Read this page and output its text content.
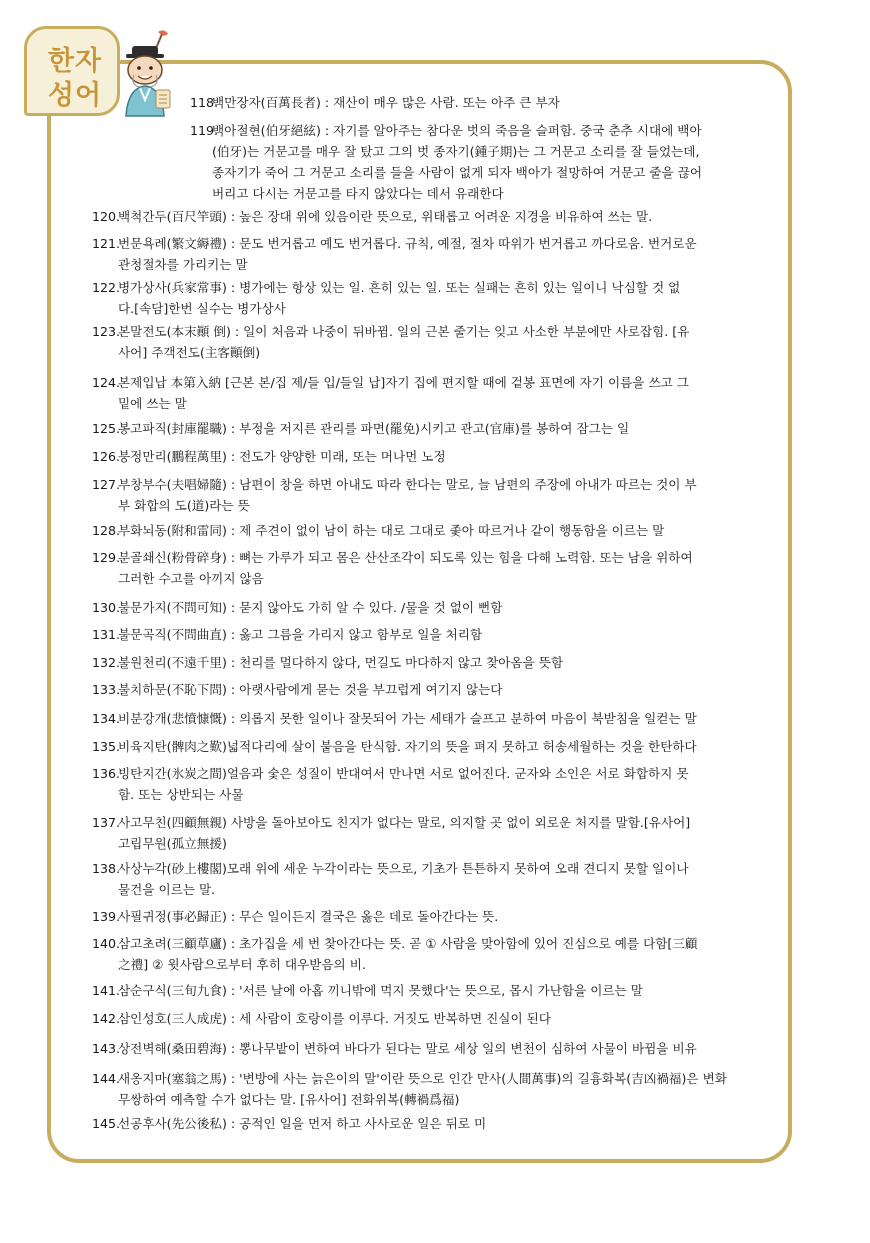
한자
성어	118.
백만장자(百萬長者) : 재산이 매우 많은 사람. 또는 아주 큰 부자
119.
백아절현(伯牙絕絃) : 자기를 알아주는 참다운 벗의 죽음을 슬퍼함. 중국 춘추 시대에 백아
(伯牙)는 거문고를 매우 잘 탔고 그의 벗 종자기(鍾子期)는 그 거문고 소리를 잘 들었는데,
종자기가 죽어 그 거문고 소리를 들을 사람이 없게 되자 백아가 절망하여 거문고 줄을 끊어
버리고 다시는 거문고를 타지 않았다는 데서 유래한다
120.
백척간두(百尺竿頭) : 높은 장대 위에 있음이란 뜻으로, 위태롭고 어려운 지경을 비유하여 쓰는 말.
121.
번문욕례(繁文縟禮) : 문도 번거롭고 예도 번거롭다. 규칙, 예절, 절차 따위가 번거롭고 까다로움. 번거로운
관청절차를 가리키는 말
122.
병가상사(兵家常事) : 병가에는 항상 있는 일. 흔히 있는 일. 또는 실패는 흔히 있는 일이니 낙심할 것 없
다.[속담]한번 실수는 병가상사
123.
본말전도(本末顚 倒) : 일이 처음과 나중이 뒤바뀜. 일의 근본 줄기는 잊고 사소한 부분에만 사로잡힘. [유
사어] 주객전도(主客顚倒)
124.
본제입납 本第入納 [근본 본/집 제/들 입/들일 납]자기 집에 편지할 때에 겉봉 표면에 자기 이름을 쓰고 그
밑에 쓰는 말
125.
봉고파직(封庫罷職) : 부정을 저지른 관리를 파면(罷免)시키고 관고(官庫)를 봉하여 잠그는 일
126.
붕정만리(鵬程萬里) : 전도가 양양한 미래, 또는 머나먼 노정
127.
부창부수(夫唱婦隨) : 남편이 창을 하면 아내도 따라 한다는 말로, 늘 남편의 주장에 아내가 따르는 것이 부
부 화합의 도(道)라는 뜻
128.
부화뇌동(附和雷同) : 제 주견이 없이 남이 하는 대로 그대로 좇아 따르거나 같이 행동함을 이르는 말
129.
분골쇄신(粉骨碎身) : 뼈는 가루가 되고 몸은 산산조각이 되도록 있는 힘을 다해 노력함. 또는 남을 위하여
그러한 수고를 아끼지 않음
130.
불문가지(不問可知) : 묻지 않아도 가히 알 수 있다. /물을 것 없이 뻔함
131.
불문곡직(不問曲直) : 옳고 그름을 가리지 않고 함부로 일을 처리함
132.
불원천리(不遠千里) : 천리를 멀다하지 않다, 먼길도 마다하지 않고 찾아옴을 뜻함
133.
불치하문(不恥下問) : 아랫사람에게 묻는 것을 부끄럽게 여기지 않는다
134.
비분강개(悲憤慷慨) : 의롭지 못한 일이나 잘못되어 가는 세태가 슬프고 분하여 마음이 북받침을 일컫는 말
135.
비육지탄(髀肉之歎)넓적다리에 살이 붙음을 탄식함. 자기의 뜻을 펴지 못하고 허송세월하는 것을 한탄하다
136.
빙탄지간(氷炭之間)얼음과 숯은 성질이 반대여서 만나면 서로 없어진다. 군자와 소인은 서로 화합하지 못
함. 또는 상반되는 사물
137.
사고무친(四顧無親) 사방을 돌아보아도 친지가 없다는 말로, 의지할 곳 없이 외로운 처지를 말함.[유사어]
고립무원(孤立無援)
138.
사상누각(砂上樓閣)모래 위에 세운 누각이라는 뜻으로, 기초가 튼튼하지 못하여 오래 견디지 못할 일이나
물건을 이르는 말.
139.
사필귀정(事必歸正) : 무슨 일이든지 결국은 옳은 데로 돌아간다는 뜻.
140.
삼고초려(三顧草廬) : 초가집을 세 번 찾아간다는 뜻. 곧 ① 사람을 맞아함에 있어 진심으로 예를 다함[三顧
之禮] ② 윗사람으로부터 후히 대우받음의 비.
141.
삼순구식(三旬九食) : '서른 날에 아홉 끼니밖에 먹지 못했다'는 뜻으로, 몹시 가난함을 이르는 말
142.
삼인성호(三人成虎) : 세 사람이 호랑이를 이루다. 거짓도 반복하면 진실이 된다
143.
상전벽해(桑田碧海) : 뽕나무밭이 변하여 바다가 된다는 말로 세상 일의 변천이 심하여 사물이 바뀜을 비유
144.
새옹지마(塞翁之馬) : '변방에 사는 늙은이의 말'이란 뜻으로 인간 만사(人間萬事)의 길흉화복(吉凶禍福)은 변화
무쌍하여 예측할 수가 없다는 말. [유사어] 전화위복(轉禍爲福)
145.
선공후사(先公後私) : 공적인 일을 먼저 하고 사사로운 일은 뒤로 미
